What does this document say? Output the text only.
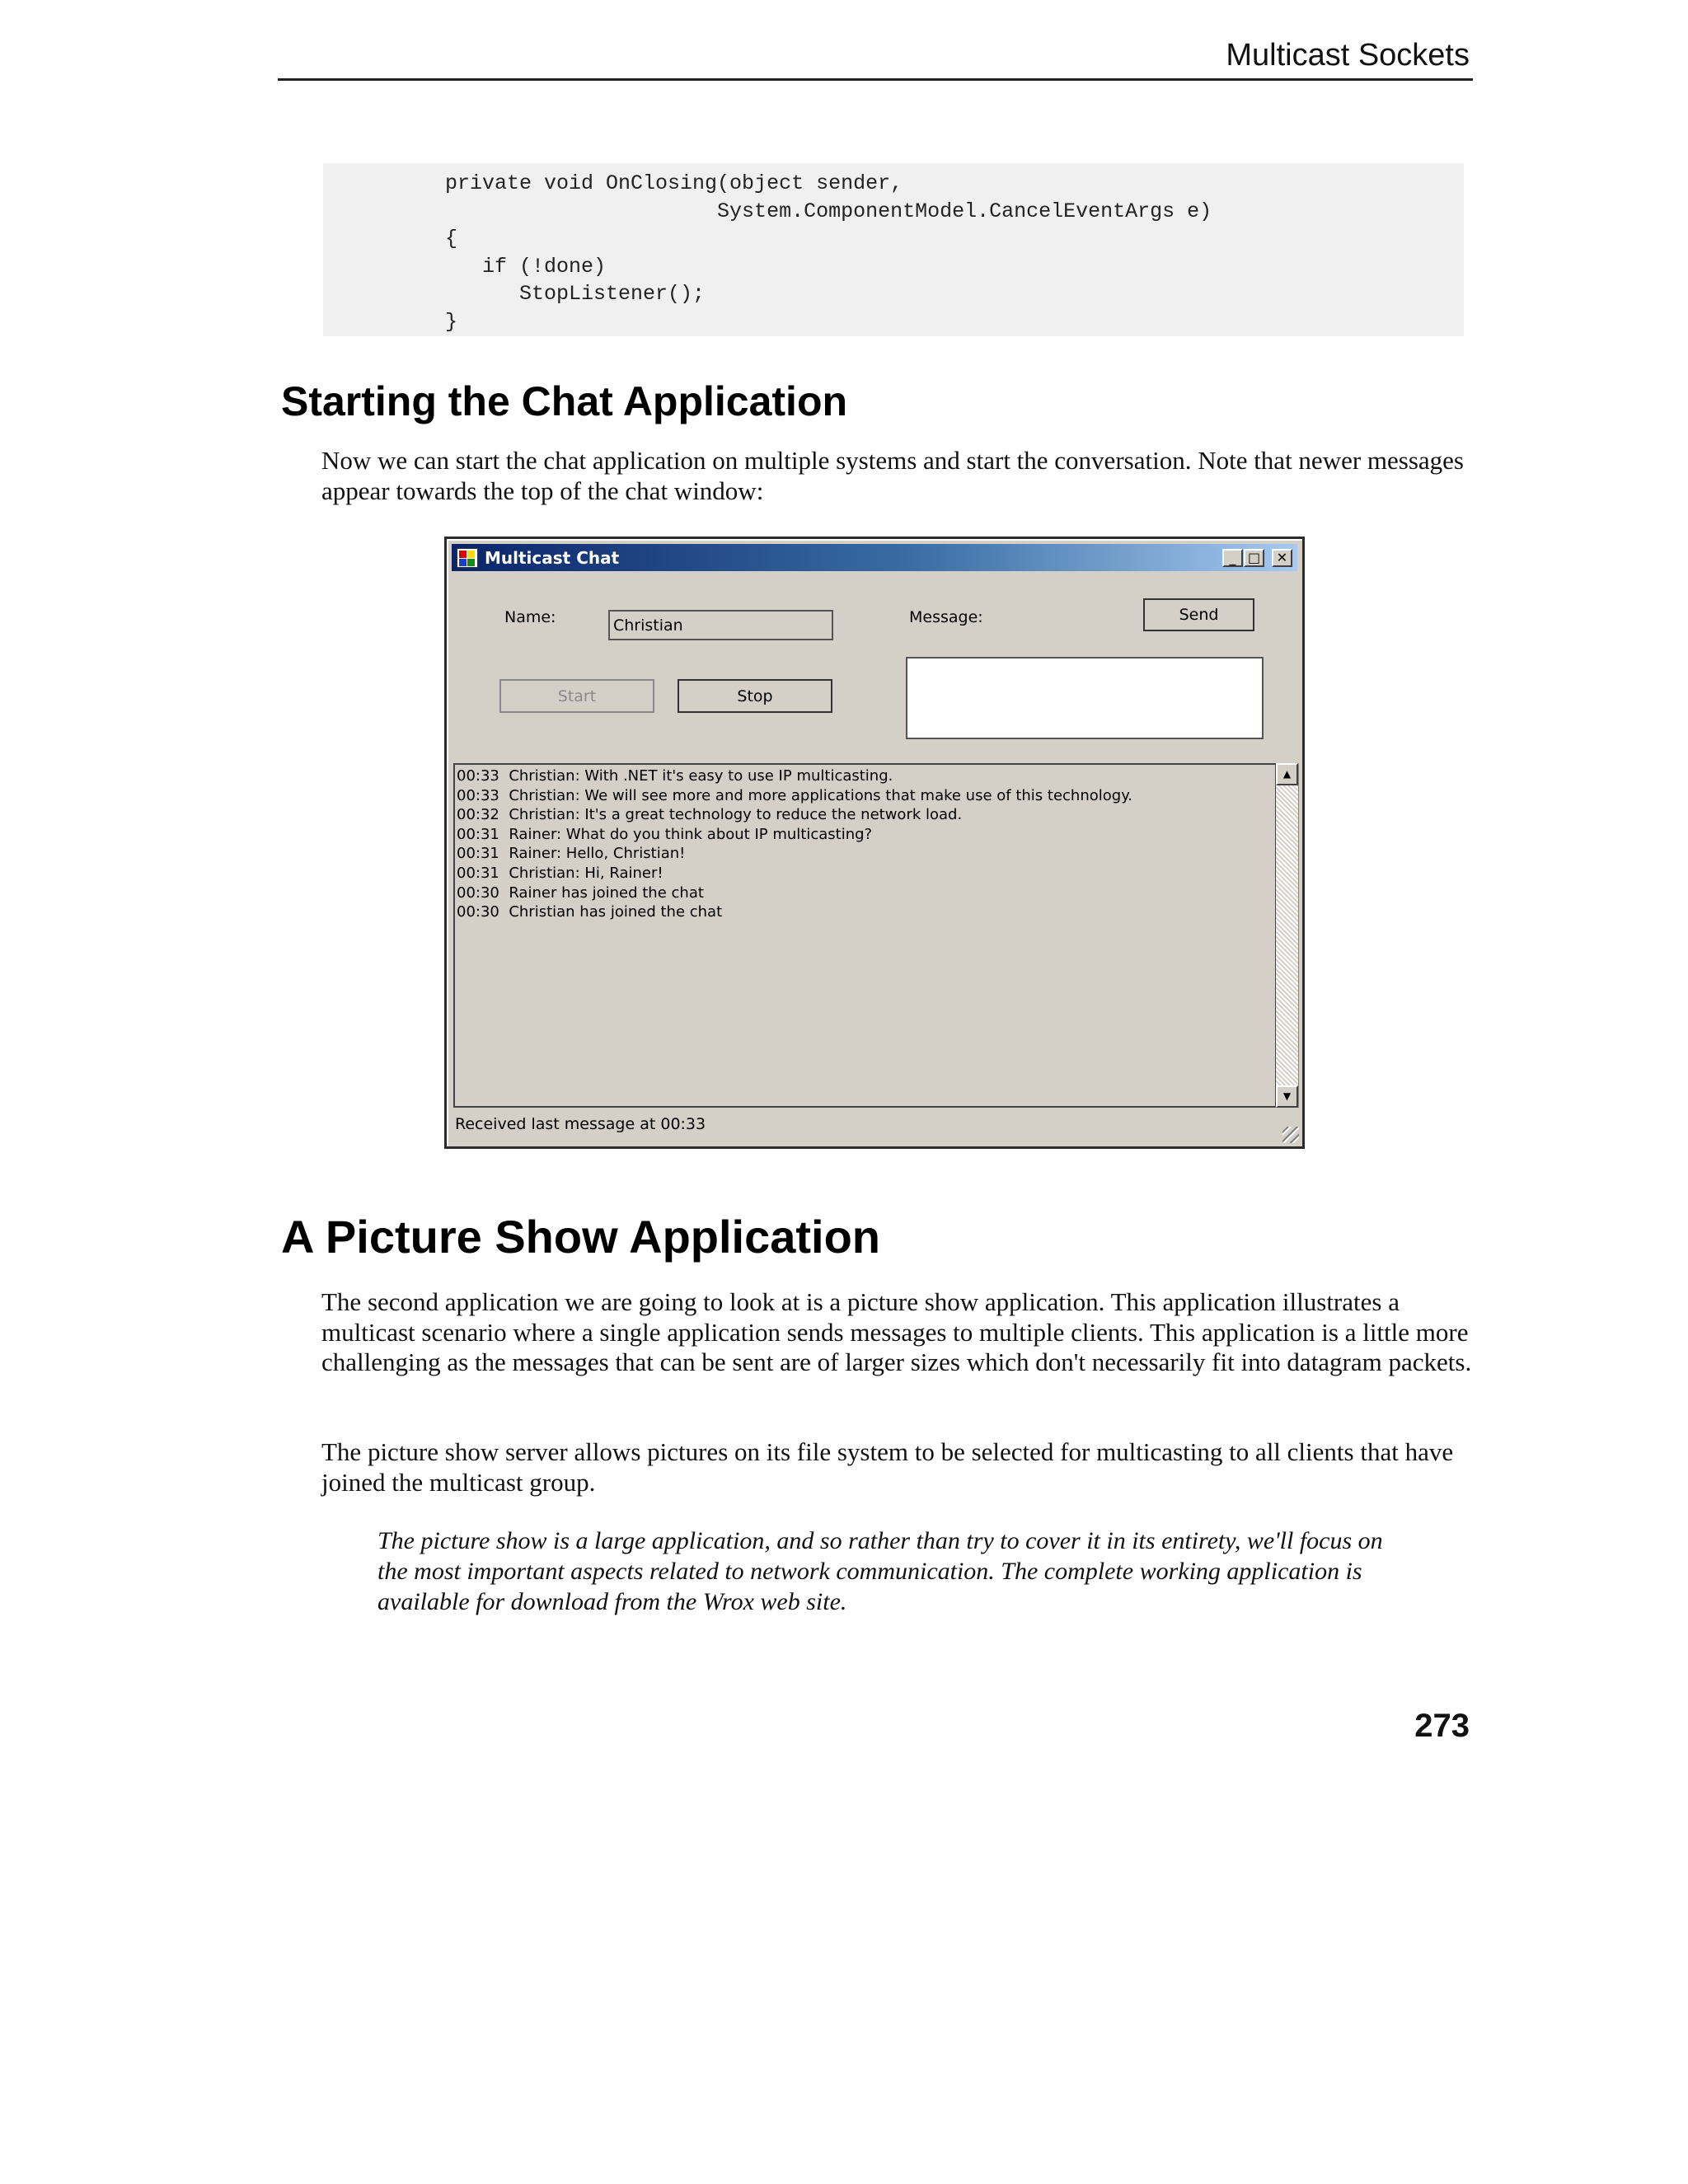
Multicast Sockets
private void OnClosing(object sender,
System.ComponentModel.CancelEventArgs e)
{
if (!done)
StopListener();
}
Starting the Chat Application

Now we can start the chat application on multiple systems and start the conversation. Note that newer messages appear towards the top of the chat window:

Multicast Chat	_ □	✕
Name:
Christian	Message:	Send
Start	Stop
00:33  Christian: With .NET it's easy to use IP multicasting.
00:33  Christian: We will see more and more applications that make use of this technology.
00:32  Christian: It's a great technology to reduce the network load.
00:31  Rainer: What do you think about IP multicasting?
00:31  Rainer: Hello, Christian!
00:31  Christian: Hi, Rainer!
00:30  Rainer has joined the chat
00:30  Christian has joined the chat
▲
▼
Received last message at 00:33
A Picture Show Application

The second application we are going to look at is a picture show application. This application illustrates a multicast scenario where a single application sends messages to multiple clients. This application is a little more challenging as the messages that can be sent are of larger sizes which don't necessarily fit into datagram packets.

The picture show server allows pictures on its file system to be selected for multicasting to all clients that have joined the multicast group.

The picture show is a large application, and so rather than try to cover it in its entirety, we'll focus on the most important aspects related to network communication. The complete working application is available for download from the Wrox web site.

273
